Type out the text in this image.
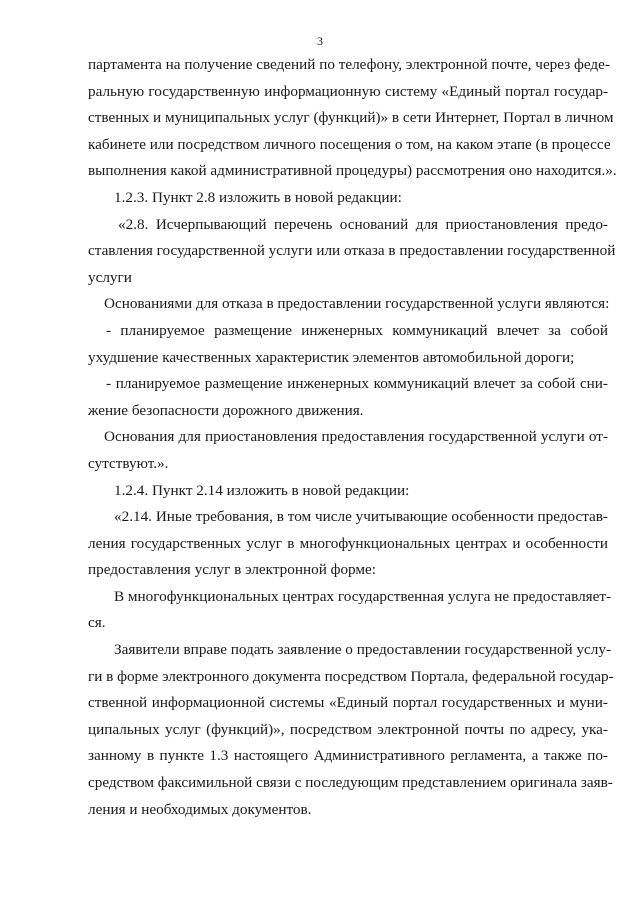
3
партамента на получение сведений по телефону, электронной почте, через феде-
ральную государственную информационную систему «Единый портал государ-
ственных и муниципальных услуг (функций)» в сети Интернет, Портал в личном
кабинете или посредством личного посещения о том, на каком этапе (в процессе
выполнения какой административной процедуры) рассмотрения оно находится.».
1.2.3. Пункт 2.8 изложить в новой редакции:
«2.8. Исчерпывающий перечень оснований для приостановления предо-
ставления государственной услуги или отказа в предоставлении государственной
услуги
Основаниями для отказа в предоставлении государственной услуги являются:
- планируемое размещение инженерных коммуникаций влечет за собой
ухудшение качественных характеристик элементов автомобильной дороги;
- планируемое размещение инженерных коммуникаций влечет за собой сни-
жение безопасности дорожного движения.
Основания для приостановления предоставления государственной услуги от-
сутствуют.».
1.2.4. Пункт 2.14 изложить в новой редакции:
«2.14. Иные требования, в том числе учитывающие особенности предостав-
ления государственных услуг в многофункциональных центрах и особенности
предоставления услуг в электронной форме:
В многофункциональных центрах государственная услуга не предоставляет-
ся.
Заявители вправе подать заявление о предоставлении государственной услу-
ги в форме электронного документа посредством Портала, федеральной государ-
ственной информационной системы «Единый портал государственных и муни-
ципальных услуг (функций)», посредством электронной почты по адресу, ука-
занному в пункте 1.3 настоящего Административного регламента, а также по-
средством факсимильной связи с последующим представлением оригинала заяв-
ления и необходимых документов.
